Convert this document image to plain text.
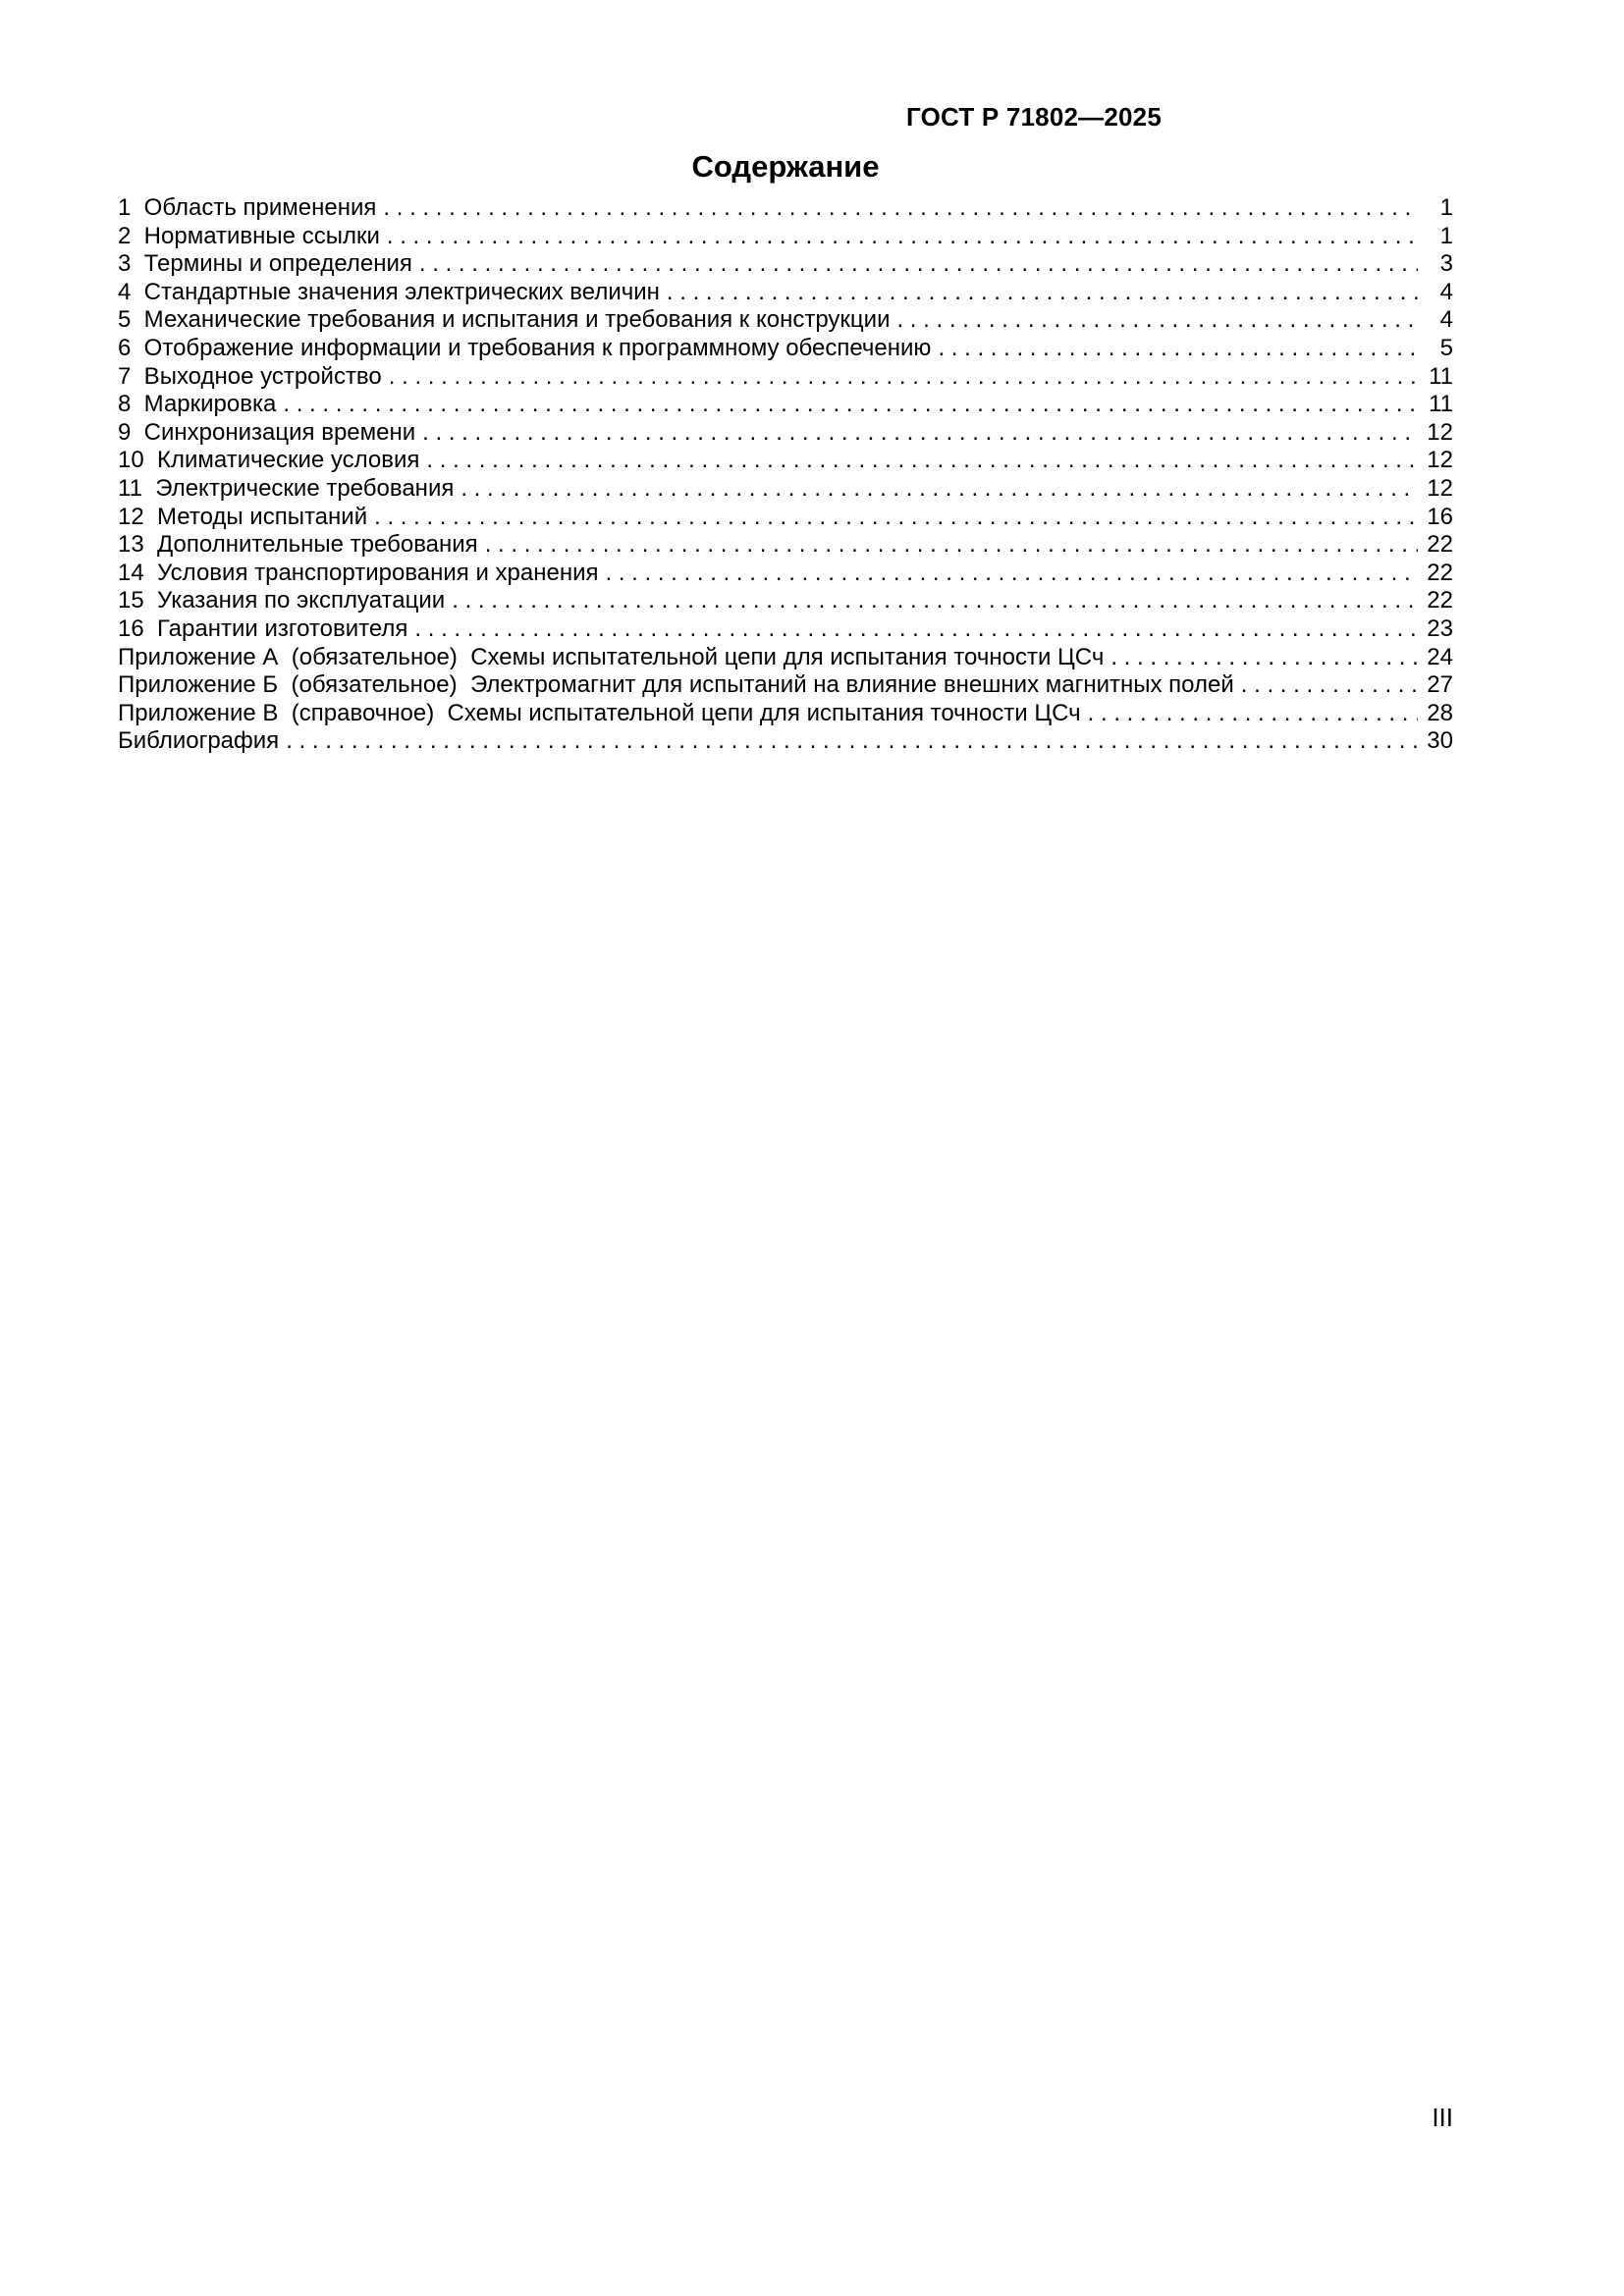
ГОСТ Р 71802—2025
Содержание
1  Область применения . . .	1
2  Нормативные ссылки . . .	1
3  Термины и определения . . .	3
4  Стандартные значения электрических величин . . .	4
5  Механические требования и испытания и требования к конструкции . . .	4
6  Отображение информации и требования к программному обеспечению . . .	5
7  Выходное устройство . . .	11
8  Маркировка . . .	11
9  Синхронизация времени . . .	12
10  Климатические условия . . .	12
11  Электрические требования . . .	12
12  Методы испытаний . . .	16
13  Дополнительные требования . . .	22
14  Условия транспортирования и хранения . . .	22
15  Указания по эксплуатации . . .	22
16  Гарантии изготовителя . . .	23
Приложение А  (обязательное)  Схемы испытательной цепи для испытания точности ЦСч . . .	24
Приложение Б  (обязательное)  Электромагнит для испытаний на влияние внешних магнитных полей . . .	27
Приложение В  (справочное)  Схемы испытательной цепи для испытания точности ЦСч . . .	28
Библиография . . .	30
III
